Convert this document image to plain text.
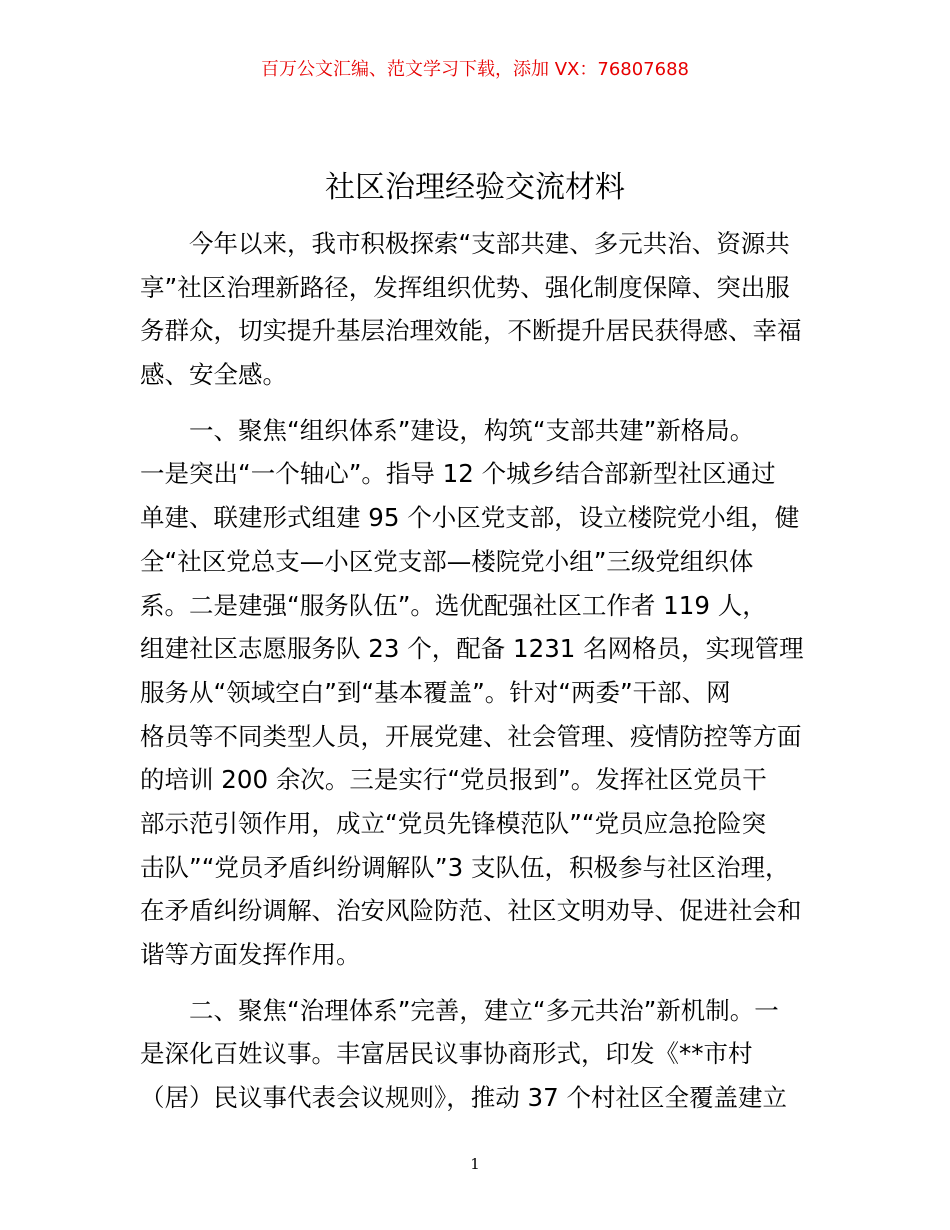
百万公文汇编、范文学习下载，添加 VX：76807688
社区治理经验交流材料

　　今年以来，我市积极探索“支部共建、多元共治、资源共
享”社区治理新路径，发挥组织优势、强化制度保障、突出服
务群众，切实提升基层治理效能，不断提升居民获得感、幸福
感、安全感。

　　一、聚焦“组织体系”建设，构筑“支部共建”新格局。
一是突出“一个轴心”。指导 12 个城乡结合部新型社区通过
单建、联建形式组建 95 个小区党支部，设立楼院党小组，健
全“社区党总支—小区党支部—楼院党小组”三级党组织体
系。二是建强“服务队伍”。选优配强社区工作者 119 人，
组建社区志愿服务队 23 个，配备 1231 名网格员，实现管理
服务从“领域空白”到“基本覆盖”。针对“两委”干部、网
格员等不同类型人员，开展党建、社会管理、疫情防控等方面
的培训 200 余次。三是实行“党员报到”。发挥社区党员干
部示范引领作用，成立“党员先锋模范队”“党员应急抢险突
击队”“党员矛盾纠纷调解队”3 支队伍，积极参与社区治理，
在矛盾纠纷调解、治安风险防范、社区文明劝导、促进社会和
谐等方面发挥作用。

　　二、聚焦“治理体系”完善，建立“多元共治”新机制。一
是深化百姓议事。丰富居民议事协商形式，印发《**市村
（居）民议事代表会议规则》，推动 37 个村社区全覆盖建立

1
